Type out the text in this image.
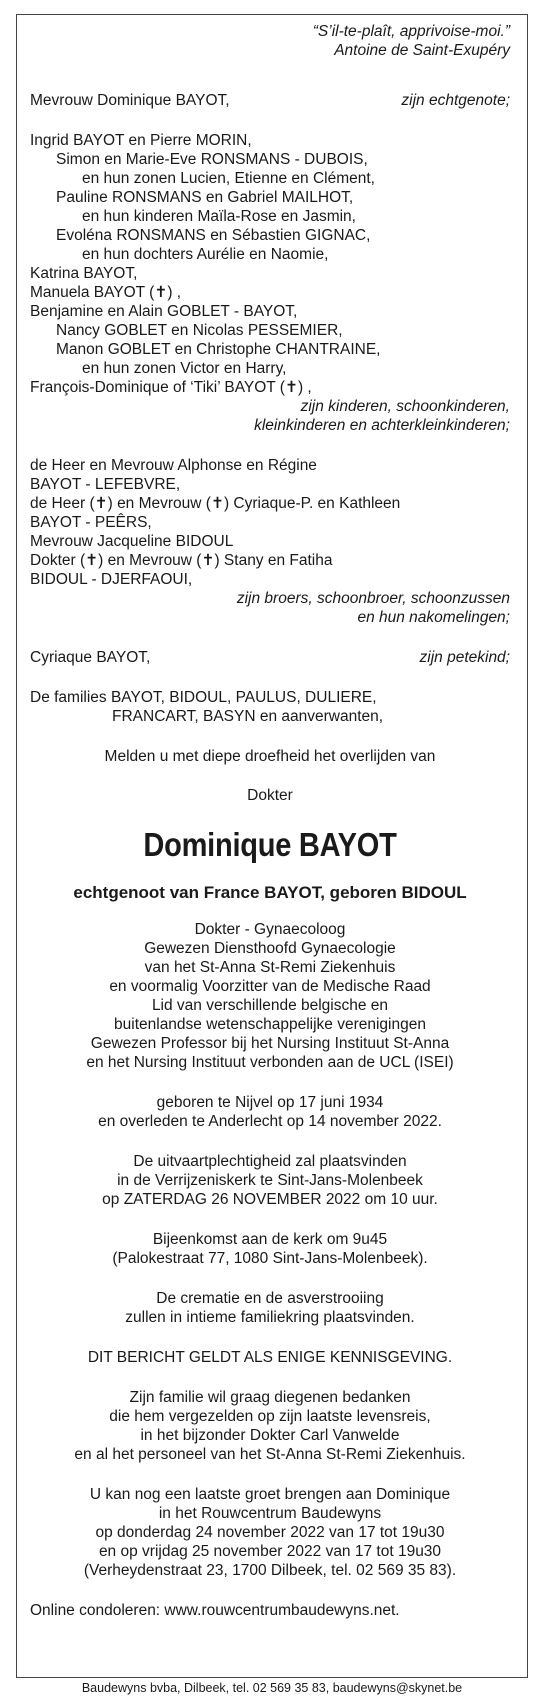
“S’il-te-plaît, apprivoise-moi.”
Antoine de Saint-Exupéry
Mevrouw Dominique BAYOT,	zijn echtgenote;
Ingrid BAYOT en Pierre MORIN,
Simon en Marie-Eve RONSMANS - DUBOIS,
en hun zonen Lucien, Etienne en Clément,
Pauline RONSMANS en Gabriel MAILHOT,
en hun kinderen Maïla-Rose en Jasmin,
Evoléna RONSMANS en Sébastien GIGNAC,
en hun dochters Aurélie en Naomie,
Katrina BAYOT,
Manuela BAYOT (✝) ,
Benjamine en Alain GOBLET - BAYOT,
Nancy GOBLET en Nicolas PESSEMIER,
Manon GOBLET en Christophe CHANTRAINE,
en hun zonen Victor en Harry,
François-Dominique of ‘Tiki’ BAYOT (✝) ,
zijn kinderen, schoonkinderen,
kleinkinderen en achterkleinkinderen;
de Heer en Mevrouw Alphonse en Régine
BAYOT - LEFEBVRE,
de Heer (✝) en Mevrouw (✝) Cyriaque-P. en Kathleen
BAYOT - PEÊRS,
Mevrouw Jacqueline BIDOUL
Dokter (✝) en Mevrouw (✝) Stany en Fatiha
BIDOUL - DJERFAOUI,
zijn broers, schoonbroer, schoonzussen
en hun nakomelingen;
Cyriaque BAYOT,	zijn petekind;
De families BAYOT, BIDOUL, PAULUS, DULIERE,
FRANCART, BASYN en aanverwanten,
Melden u met diepe droefheid het overlijden van
Dokter
Dominique BAYOT
echtgenoot van France BAYOT, geboren BIDOUL
Dokter - Gynaecoloog
Gewezen Diensthoofd Gynaecologie
van het St-Anna St-Remi Ziekenhuis
en voormalig Voorzitter van de Medische Raad
Lid van verschillende belgische en
buitenlandse wetenschappelijke verenigingen
Gewezen Professor bij het Nursing Instituut St-Anna
en het Nursing Instituut verbonden aan de UCL (ISEI)
geboren te Nijvel op 17 juni 1934
en overleden te Anderlecht op 14 november 2022.
De uitvaartplechtigheid zal plaatsvinden
in de Verrijzeniskerk te Sint-Jans-Molenbeek
op ZATERDAG 26 NOVEMBER 2022 om 10 uur.
Bijeenkomst aan de kerk om 9u45
(Palokestraat 77, 1080 Sint-Jans-Molenbeek).
De crematie en de asverstrooiing
zullen in intieme familiekring plaatsvinden.
DIT BERICHT GELDT ALS ENIGE KENNISGEVING.
Zijn familie wil graag diegenen bedanken
die hem vergezelden op zijn laatste levensreis,
in het bijzonder Dokter Carl Vanwelde
en al het personeel van het St-Anna St-Remi Ziekenhuis.
U kan nog een laatste groet brengen aan Dominique
in het Rouwcentrum Baudewyns
op donderdag 24 november 2022 van 17 tot 19u30
en op vrijdag 25 november 2022 van 17 tot 19u30
(Verheydenstraat 23, 1700 Dilbeek, tel. 02 569 35 83).
Online condoleren: www.rouwcentrumbaudewyns.net.
Baudewyns bvba, Dilbeek, tel. 02 569 35 83, baudewyns@skynet.be
